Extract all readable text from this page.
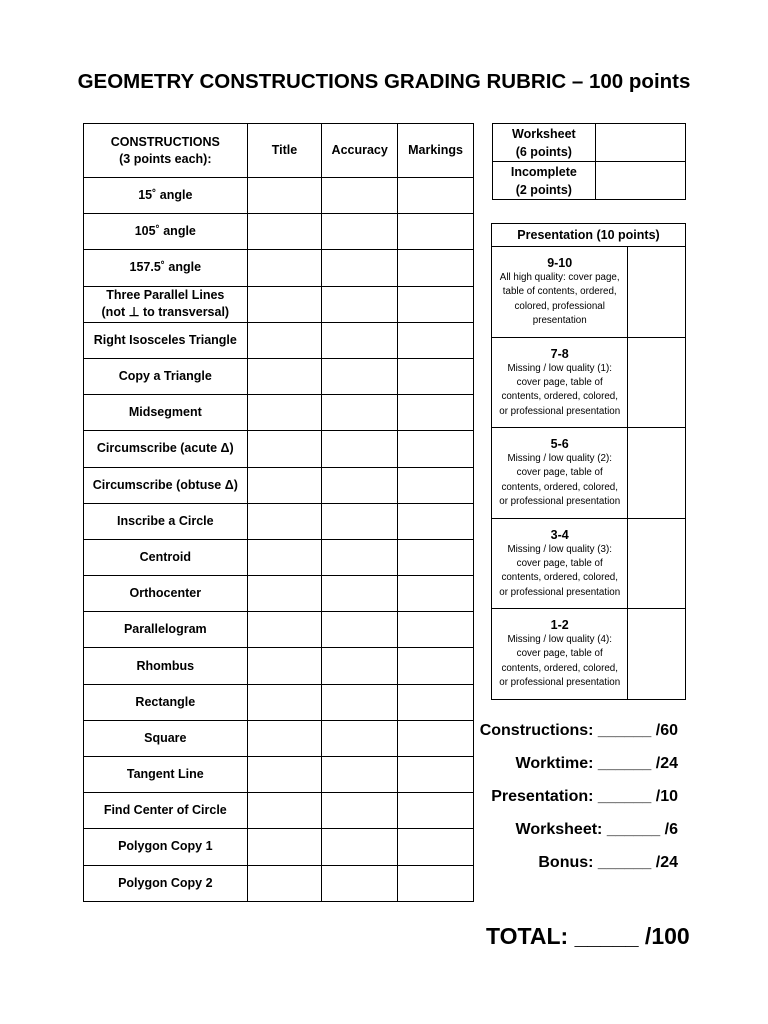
GEOMETRY CONSTRUCTIONS GRADING RUBRIC – 100 points
CONSTRUCTIONS
(3 points each):	Title	Accuracy	Markings

15˚ angle			

105˚ angle			

157.5˚ angle			

Three Parallel Lines
(not ⊥ to transversal)			

Right Isosceles Triangle			

Copy a Triangle			

Midsegment			

Circumscribe (acute Δ)			

Circumscribe (obtuse Δ)			

Inscribe a Circle			

Centroid			

Orthocenter			

Parallelogram			

Rhombus			

Rectangle			

Square			

Tangent Line			

Find Center of Circle			

Polygon Copy 1			

Polygon Copy 2			

Worksheet
(6 points)	

Incomplete
(2 points)	

Presentation (10 points)	

9-10
All high quality: cover page, table of contents, ordered, colored, professional presentation	

7-8
Missing / low quality (1): cover page, table of contents, ordered, colored, or professional presentation	

5-6
Missing / low quality (2): cover page, table of contents, ordered, colored, or professional presentation	

3-4
Missing / low quality (3): cover page, table of contents, ordered, colored, or professional presentation	

1-2
Missing / low quality (4): cover page, table of contents, ordered, colored, or professional presentation	

Constructions: ______ /60
Worktime: ______ /24
Presentation: ______ /10
Worksheet: ______ /6
Bonus: ______ /24
TOTAL: _____ /100
